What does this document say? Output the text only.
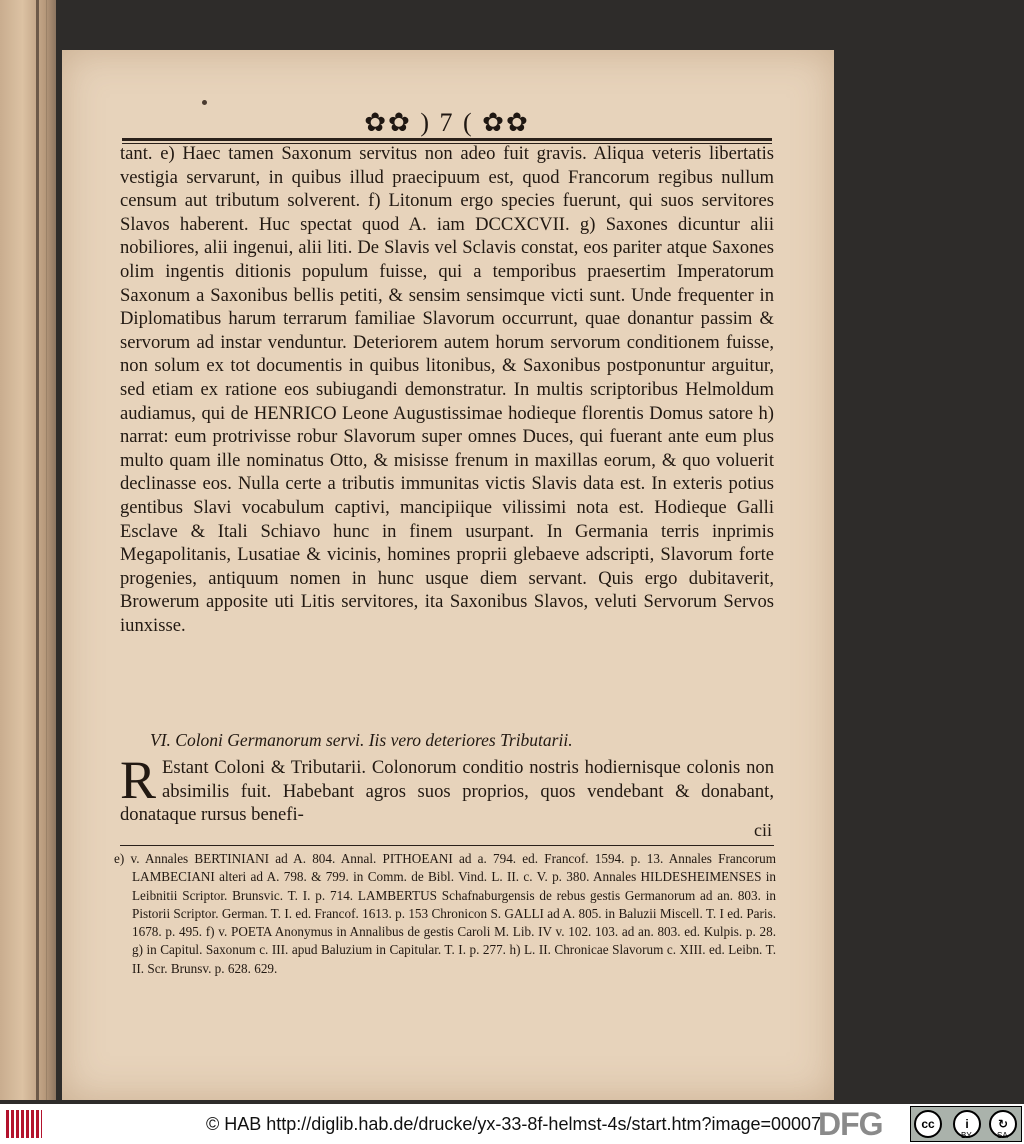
✿✿ ) 7 ( ✿✿

tant. e) Haec tamen Saxonum servitus non adeo fuit gravis. Aliqua veteris libertatis vestigia servarunt, in quibus illud praecipuum est, quod Francorum regibus nullum censum aut tributum solverent. f) Litonum ergo species fuerunt, qui suos servitores Slavos haberent. Huc spectat quod A. iam DCCXCVII. g) Saxones dicuntur alii nobiliores, alii ingenui, alii liti. De Slavis vel Sclavis constat, eos pariter atque Saxones olim ingentis ditionis populum fuisse, qui a temporibus praesertim Imperatorum Saxonum a Saxonibus bellis petiti, & sensim sensimque victi sunt. Unde frequenter in Diplomatibus harum terrarum familiae Slavorum occurrunt, quae donantur passim & servorum ad instar venduntur. Deteriorem autem horum servorum conditionem fuisse, non solum ex tot documentis in quibus litonibus, & Saxonibus postponuntur arguitur, sed etiam ex ratione eos subiugandi demonstratur. In multis scriptoribus Helmoldum audiamus, qui de HENRICO Leone Augustissimae hodieque florentis Domus satore h) narrat: eum protrivisse robur Slavorum super omnes Duces, qui fuerant ante eum plus multo quam ille nominatus Otto, & misisse frenum in maxillas eorum, & quo voluerit declinasse eos. Nulla certe a tributis immunitas victis Slavis data est. In exteris potius gentibus Slavi vocabulum captivi, mancipiique vilissimi nota est. Hodieque Galli Esclave & Itali Schiavo hunc in finem usurpant. In Germania terris inprimis Megapolitanis, Lusatiae & vicinis, homines proprii glebaeve adscripti, Slavorum forte progenies, antiquum nomen in hunc usque diem servant. Quis ergo dubitaverit, Browerum apposite uti Litis servitores, ita Saxonibus Slavos, veluti Servorum Servos iunxisse.

VI. Coloni Germanorum servi. Iis vero deteriores Tributarii.
R Estant Coloni & Tributarii. Colonorum conditio nostris hodiernisque colonis non absimilis fuit. Habebant agros suos proprios, quos vendebant & donabant, donataque rursus benefi-
cii

e) v. Annales BERTINIANI ad A. 804. Annal. PITHOEANI ad a. 794. ed. Francof. 1594. p. 13. Annales Francorum LAMBECIANI alteri ad A. 798. & 799. in Comm. de Bibl. Vind. L. II. c. V. p. 380. Annales HILDESHEIMENSES in Leibnitii Scriptor. Brunsvic. T. I. p. 714. LAMBERTUS Schafnaburgensis de rebus gestis Germanorum ad an. 803. in Pistorii Scriptor. German. T. I. ed. Francof. 1613. p. 153 Chronicon S. GALLI ad A. 805. in Baluzii Miscell. T. I ed. Paris. 1678. p. 495. f) v. POETA Anonymus in Annalibus de gestis Caroli M. Lib. IV v. 102. 103. ad an. 803. ed. Kulpis. p. 28. g) in Capitul. Saxonum c. III. apud Baluzium in Capitular. T. I. p. 277. h) L. II. Chronicae Slavorum c. XIII. ed. Leibn. T. II. Scr. Brunsv. p. 628. 629.

© HAB http://diglib.hab.de/drucke/yx-33-8f-helmst-4s/start.htm?image=00007
DFG	cc	i	↻
BY	SA
